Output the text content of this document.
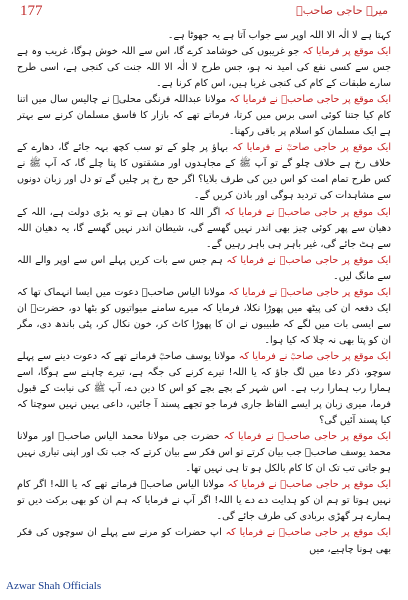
177	میرے حاجی صاحبؒ

کہتا ہے لا الٰہ الا اللہ اوپر سے جواب آتا ہے یہ جھوٹا ہے۔

ایک موقع پر فرمایا کہ جو غریبوں کی خوشامد کرے گا، اس سے اللہ خوش ہوگا، غریب وہ ہے جس سے کسی نفع کی امید نہ ہو، جس طرح لا الٰہ الا اللہ جنت کی کنجی ہے، اسی طرح سارے طبقات کے کام کی کنجی غربا ہیں، اس کام کرنا ہے۔

ایک موقع پر حاجی صاحبؒ نے فرمایا کہ مولانا عبداللہ فرنگی محلیؒ نے چالیس سال میں اتنا کام کیا جتنا کوئی اسی برس میں کرتا، فرماتے تھے کہ بازار کا فاسق مسلمان کرنے سے بہتر ہے ایک مسلمان کو اسلام پر باقی رکھنا۔

ایک موقع پر حاجی صاحبؒ نے فرمایا کہ بہاؤ پر چلو کے تو سب کچھ بہہ جائے گا، دھارے کے خلاف رخ ہے خلاف چلو گے تو آپ ﷺ کے مجاہدوں اور مشقتوں کا پتا چلے گا، کہ آپ ﷺ نے کس طرح تمام امت کو اس دین کی طرف بلایا؟ اگر حج رخ پر چلیں گے تو دل اور زبان دونوں سے مشاہدات کی تردید ہوگی اور باذن کریں گے۔

ایک موقع پر حاجی صاحبؒ نے فرمایا کہ اگر اللہ کا دھیان ہے تو یہ بڑی دولت ہے، اللہ کے دھیان سے پھر کوئی چیز بھی اندر نہیں گھسے گی، شیطان اندر نہیں گھسے گا، یہ دھیان اللہ سے ہٹ جائے گی، غیر باہر ہی باہر رہیں گے۔

ایک موقع پر حاجی صاحبؒ نے فرمایا کہ ہم جس سے بات کریں پہلے اس سے اوپر والے اللہ سے مانگ لیں۔

ایک موقع پر حاجی صاحبؒ نے فرمایا کہ مولانا الیاس صاحبؒ دعوت میں ایسا انہماک تھا کہ ایک دفعہ ان کی پیٹھ میں پھوڑا نکلا، فرمایا کہ میرے سامنے میواتیوں کو بٹھا دو، حضرتؒ ان سے ایسی بات میں لگے کہ طبیبوں نے ان کا پھوڑا کاٹ کر، خون نکال کر، پٹی باندھ دی، مگر ان کو پتا بھی نہ چلا کہ کیا ہوا۔

ایک موقع پر حاجی صاحبؒ نے فرمایا کہ مولانا یوسف صاحبؒ فرماتے تھے کہ دعوت دینے سے پہلے سوچو، ذکر دعا میں لگ جاؤ کہ یا اللہ! تیرے کرنے کی جگہ ہے، تیرے چاہنے سے ہوگا، اسے ہمارا رب ہمارا رب ہے۔ اس شہر کے بچے بچے کو اس کا دین دے، آپ ﷺ کی نیابت کے قبول فرما، میری زبان پر ایسے الفاظ جاری فرما جو تجھے پسند آ جائیں، داعی یہیں نہیں سوچتا کہ کیا پسند آئیں گی؟

ایک موقع پر حاجی صاحبؒ نے فرمایا کہ حضرت جی مولانا محمد الیاس صاحبؒ اور مولانا محمد یوسف صاحبؒ جب بیان کرتے تو اس فکر سے بیان کرتے کہ جب تک اور اپنی تیاری نہیں ہو جاتی تب تک ان کا کام بالکل ہو تا ہی نہیں تھا۔

ایک موقع پر حاجی صاحبؒ نے فرمایا کہ مولانا الیاس صاحبؒ فرماتے تھے کہ یا اللہ! اگر کام نہیں ہوتا تو ہم ان کو ہدایت دے دے یا اللہ! اگر آپ نے فرمایا کہ ہم ان کو بھی برکت دیں تو ہمارے ہر گھڑی بربادی کی طرف جائے گی۔

ایک موقع پر حاجی صاحبؒ نے فرمایا کہ اپ حضرات کو مرنے سے پہلے ان سوچوں کی فکر بھی ہونا چاہیے، میں

Azwar Shah Officials
